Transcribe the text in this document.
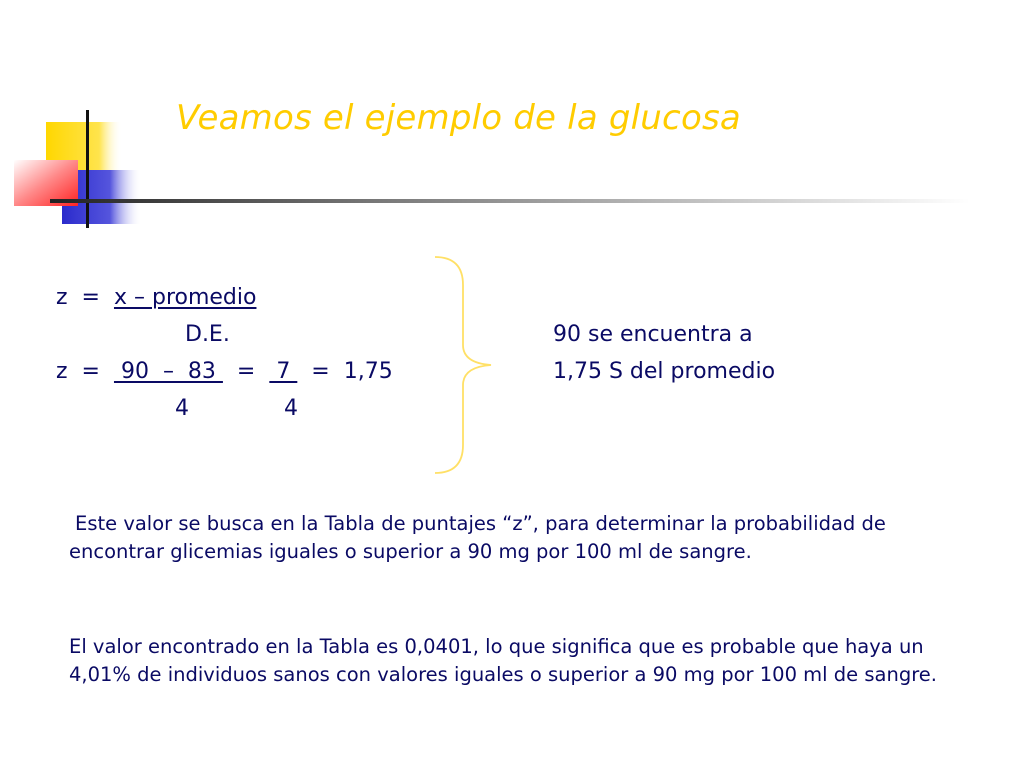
Veamos el ejemplo de la glucosa
z  =  x – promedio
D.E.
z  =   90  –  83   =   7   =  1,75
4	4
90 se encuentra a
1,75 S del promedio
Este valor se busca en la Tabla de puntajes “z”, para determinar la probabilidad de encontrar glicemias iguales o superior a 90 mg por 100 ml de sangre.
El valor encontrado en la Tabla es 0,0401, lo que significa que es probable que haya un 4,01% de individuos sanos con valores iguales o superior a 90 mg por 100 ml de sangre.
